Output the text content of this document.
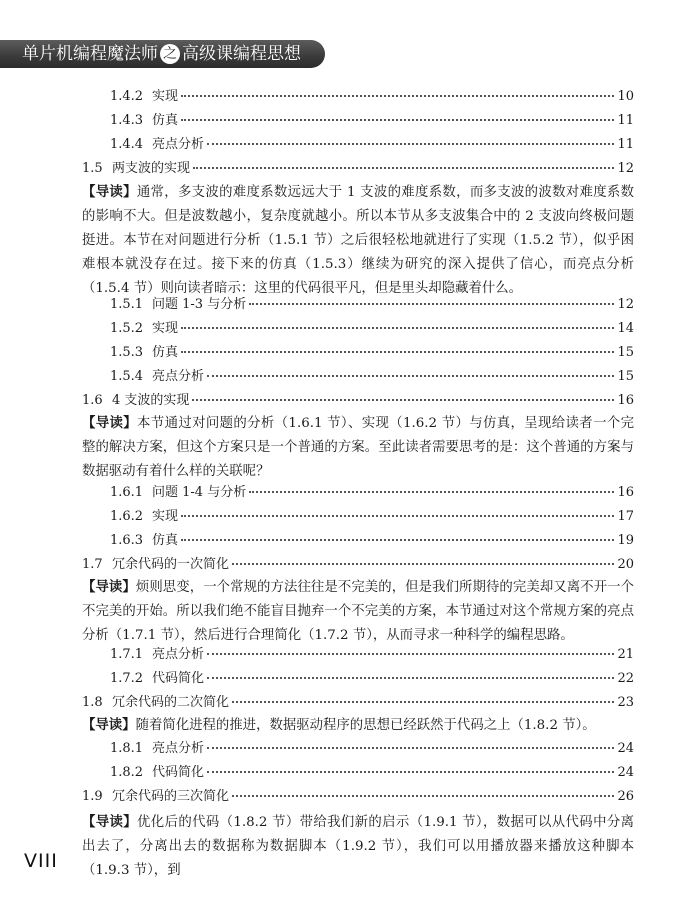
单片机编程魔法师 之 高级课编程思想
1.4.2 实现	10
1.4.3 仿真	11
1.4.4 亮点分析	11
1.5 两支波的实现	12
【导读】通常，多支波的难度系数远远大于 1 支波的难度系数，而多支波的波数对难度系数的影响不大。但是波数越小，复杂度就越小。所以本节从多支波集合中的 2 支波向终极问题挺进。本节在对问题进行分析（1.5.1 节）之后很轻松地就进行了实现（1.5.2 节），似乎困难根本就没存在过。接下来的仿真（1.5.3）继续为研究的深入提供了信心，而亮点分析（1.5.4 节）则向读者暗示：这里的代码很平凡，但是里头却隐藏着什么。
1.5.1 问题 1-3 与分析	12
1.5.2 实现	14
1.5.3 仿真	15
1.5.4 亮点分析	15
1.6 4 支波的实现	16
【导读】本节通过对问题的分析（1.6.1 节）、实现（1.6.2 节）与仿真，呈现给读者一个完整的解决方案，但这个方案只是一个普通的方案。至此读者需要思考的是：这个普通的方案与数据驱动有着什么样的关联呢？
1.6.1 问题 1-4 与分析	16
1.6.2 实现	17
1.6.3 仿真	19
1.7 冗余代码的一次简化	20
【导读】烦则思变，一个常规的方法往往是不完美的，但是我们所期待的完美却又离不开一个不完美的开始。所以我们绝不能盲目抛弃一个不完美的方案，本节通过对这个常规方案的亮点分析（1.7.1 节），然后进行合理简化（1.7.2 节），从而寻求一种科学的编程思路。
1.7.1 亮点分析	21
1.7.2 代码简化	22
1.8 冗余代码的二次简化	23
【导读】随着简化进程的推进，数据驱动程序的思想已经跃然于代码之上（1.8.2 节）。
1.8.1 亮点分析	24
1.8.2 代码简化	24
1.9 冗余代码的三次简化	26
【导读】优化后的代码（1.8.2 节）带给我们新的启示（1.9.1 节），数据可以从代码中分离出去了，分离出去的数据称为数据脚本（1.9.2 节），我们可以用播放器来播放这种脚本（1.9.3 节），到
VIII
